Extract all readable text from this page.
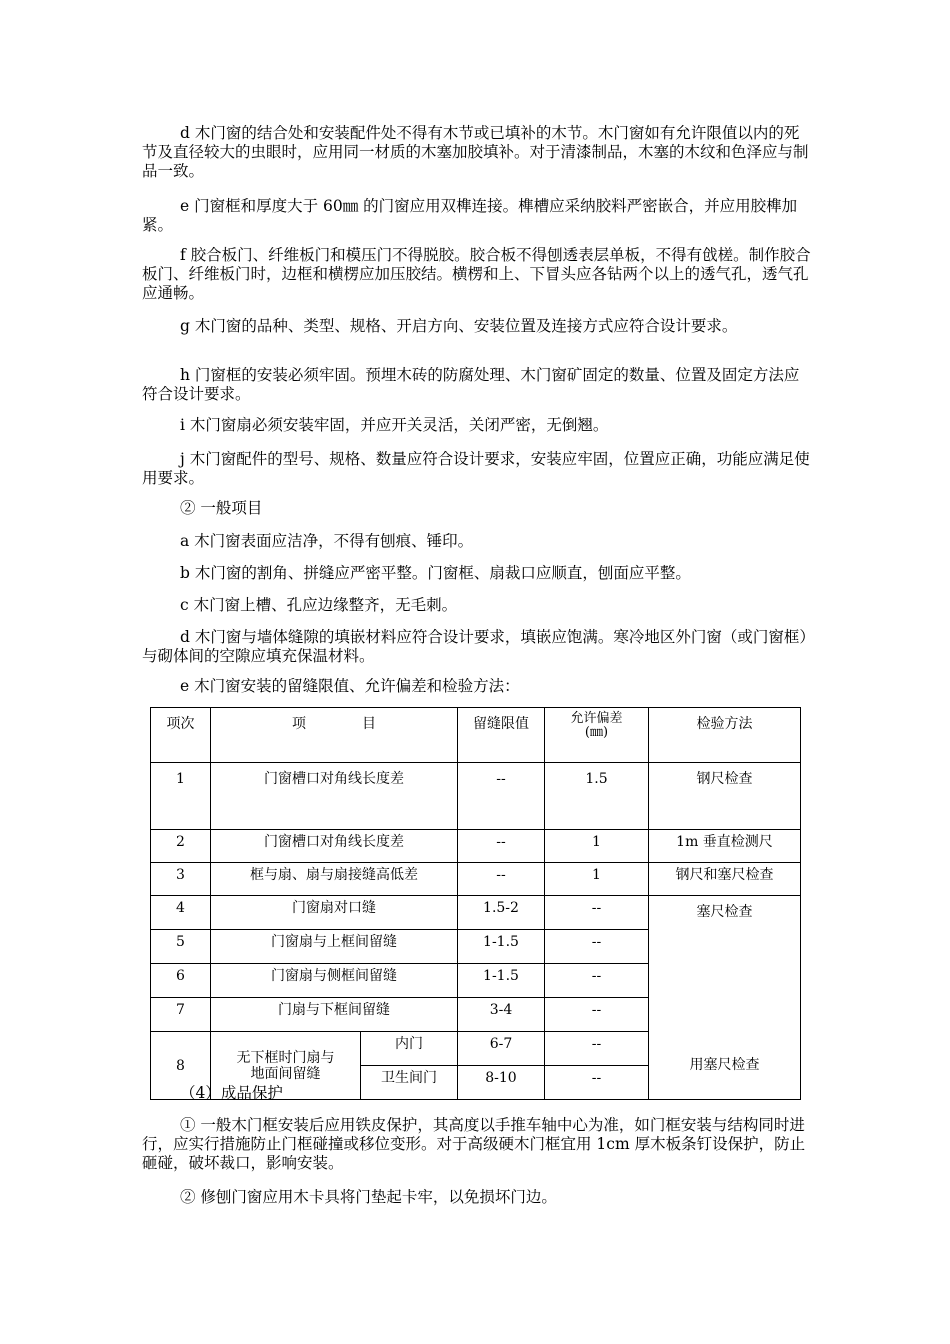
d 木门窗的结合处和安装配件处不得有木节或已填补的木节。木门窗如有允许限值以内的死节及直径较大的虫眼时，应用同一材质的木塞加胶填补。对于清漆制品，木塞的木纹和色泽应与制品一致。

e 门窗框和厚度大于 60㎜ 的门窗应用双榫连接。榫槽应采纳胶料严密嵌合，并应用胶榫加紧。

f 胶合板门、纤维板门和模压门不得脱胶。胶合板不得刨透表层单板，不得有戗槎。制作胶合板门、纤维板门时，边框和横楞应加压胶结。横楞和上、下冒头应各钻两个以上的透气孔，透气孔应通畅。

g 木门窗的品种、类型、规格、开启方向、安装位置及连接方式应符合设计要求。

h 门窗框的安装必须牢固。预埋木砖的防腐处理、木门窗矿固定的数量、位置及固定方法应符合设计要求。

i 木门窗扇必须安装牢固，并应开关灵活，关闭严密，无倒翘。

j 木门窗配件的型号、规格、数量应符合设计要求，安装应牢固，位置应正确，功能应满足使用要求。

② 一般项目

a 木门窗表面应洁净，不得有刨痕、锤印。

b 木门窗的割角、拼缝应严密平整。门窗框、扇裁口应顺直，刨面应平整。

c 木门窗上槽、孔应边缘整齐，无毛刺。

d 木门窗与墙体缝隙的填嵌材料应符合设计要求，填嵌应饱满。寒冷地区外门窗（或门窗框）与砌体间的空隙应填充保温材料。

e 木门窗安装的留缝限值、允许偏差和检验方法：

项次	项　　　　目		留缝限值	允许偏差
(㎜)	检验方法
1	门窗槽口对角线长度差		--	1.5	钢尺检查
2	门窗槽口对角线长度差		--	1	1m 垂直检测尺
3	框与扇、扇与扇接缝高低差		--	1	钢尺和塞尺检查
4	门窗扇对口缝		1.5-2	--	塞尺检查
5	门窗扇与上框间留缝		1-1.5	--	
6	门窗扇与侧框间留缝		1-1.5	--	
7	门扇与下框间留缝		3-4	--	
8	无下框时门扇与
地面间留缝	内门	6-7	--	用塞尺检查
		卫生间门	8-10	--	

（4）成品保护

① 一般木门框安装后应用铁皮保护，其高度以手推车轴中心为准，如门框安装与结构同时进行，应实行措施防止门框碰撞或移位变形。对于高级硬木门框宜用 1cm 厚木板条钉设保护，防止砸碰，破坏裁口，影响安装。

② 修刨门窗应用木卡具将门垫起卡牢，以免损坏门边。
